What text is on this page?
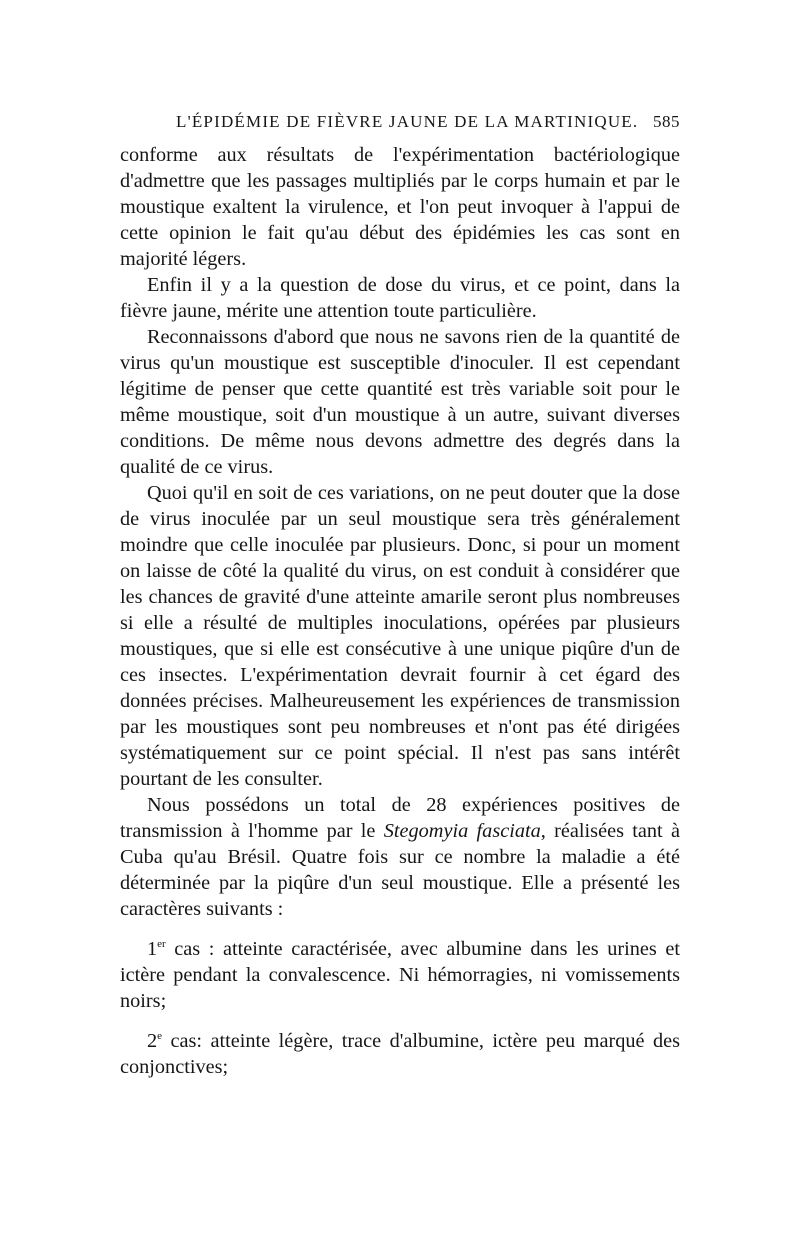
L'ÉPIDÉMIE DE FIÈVRE JAUNE DE LA MARTINIQUE. 585

conforme aux résultats de l'expérimentation bactériologique d'admettre que les passages multipliés par le corps humain et par le moustique exaltent la virulence, et l'on peut invoquer à l'appui de cette opinion le fait qu'au début des épidémies les cas sont en majorité légers.

Enfin il y a la question de dose du virus, et ce point, dans la fièvre jaune, mérite une attention toute particulière.

Reconnaissons d'abord que nous ne savons rien de la quantité de virus qu'un moustique est susceptible d'inoculer. Il est cependant légitime de penser que cette quantité est très variable soit pour le même moustique, soit d'un moustique à un autre, suivant diverses conditions. De même nous devons admettre des degrés dans la qualité de ce virus.

Quoi qu'il en soit de ces variations, on ne peut douter que la dose de virus inoculée par un seul moustique sera très généralement moindre que celle inoculée par plusieurs. Donc, si pour un moment on laisse de côté la qualité du virus, on est conduit à considérer que les chances de gravité d'une atteinte amarile seront plus nombreuses si elle a résulté de multiples inoculations, opérées par plusieurs moustiques, que si elle est consécutive à une unique piqûre d'un de ces insectes. L'expérimentation devrait fournir à cet égard des données précises. Malheureusement les expériences de transmission par les moustiques sont peu nombreuses et n'ont pas été dirigées systématiquement sur ce point spécial. Il n'est pas sans intérêt pourtant de les consulter.

Nous possédons un total de 28 expériences positives de transmission à l'homme par le Stegomyia fasciata, réalisées tant à Cuba qu'au Brésil. Quatre fois sur ce nombre la maladie a été déterminée par la piqûre d'un seul moustique. Elle a présenté les caractères suivants :

1er cas : atteinte caractérisée, avec albumine dans les urines et ictère pendant la convalescence. Ni hémorragies, ni vomissements noirs;

2e cas: atteinte légère, trace d'albumine, ictère peu marqué des conjonctives;
